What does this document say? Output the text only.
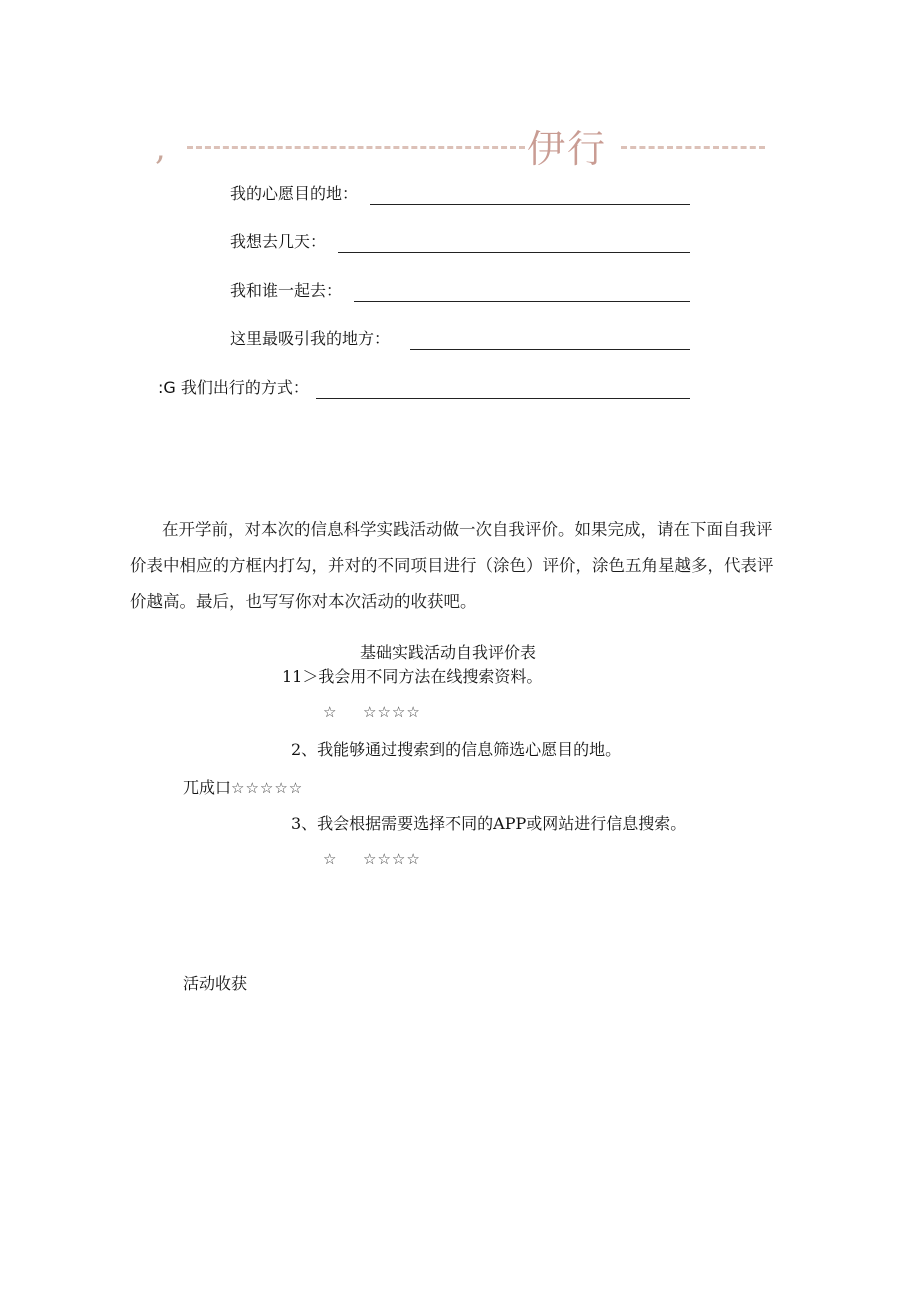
,	伊行
我的心愿目的地：
我想去几天：
我和谁一起去：
这里最吸引我的地方：
:G 我们出行的方式：
在开学前，对本次的信息科学实践活动做一次自我评价。如果完成，请在下面自我评价表中相应的方框内打勾，并对的不同项目进行（涂色）评价，涂色五角星越多，代表评价越高。最后，也写写你对本次活动的收获吧。
基础实践活动自我评价表
11＞我会用不同方法在线搜索资料。
☆ ☆☆☆☆
2、我能够通过搜索到的信息筛选心愿目的地。
兀成口☆☆☆☆☆
3、我会根据需要选择不同的APP或网站进行信息搜索。
☆ ☆☆☆☆
活动收获
